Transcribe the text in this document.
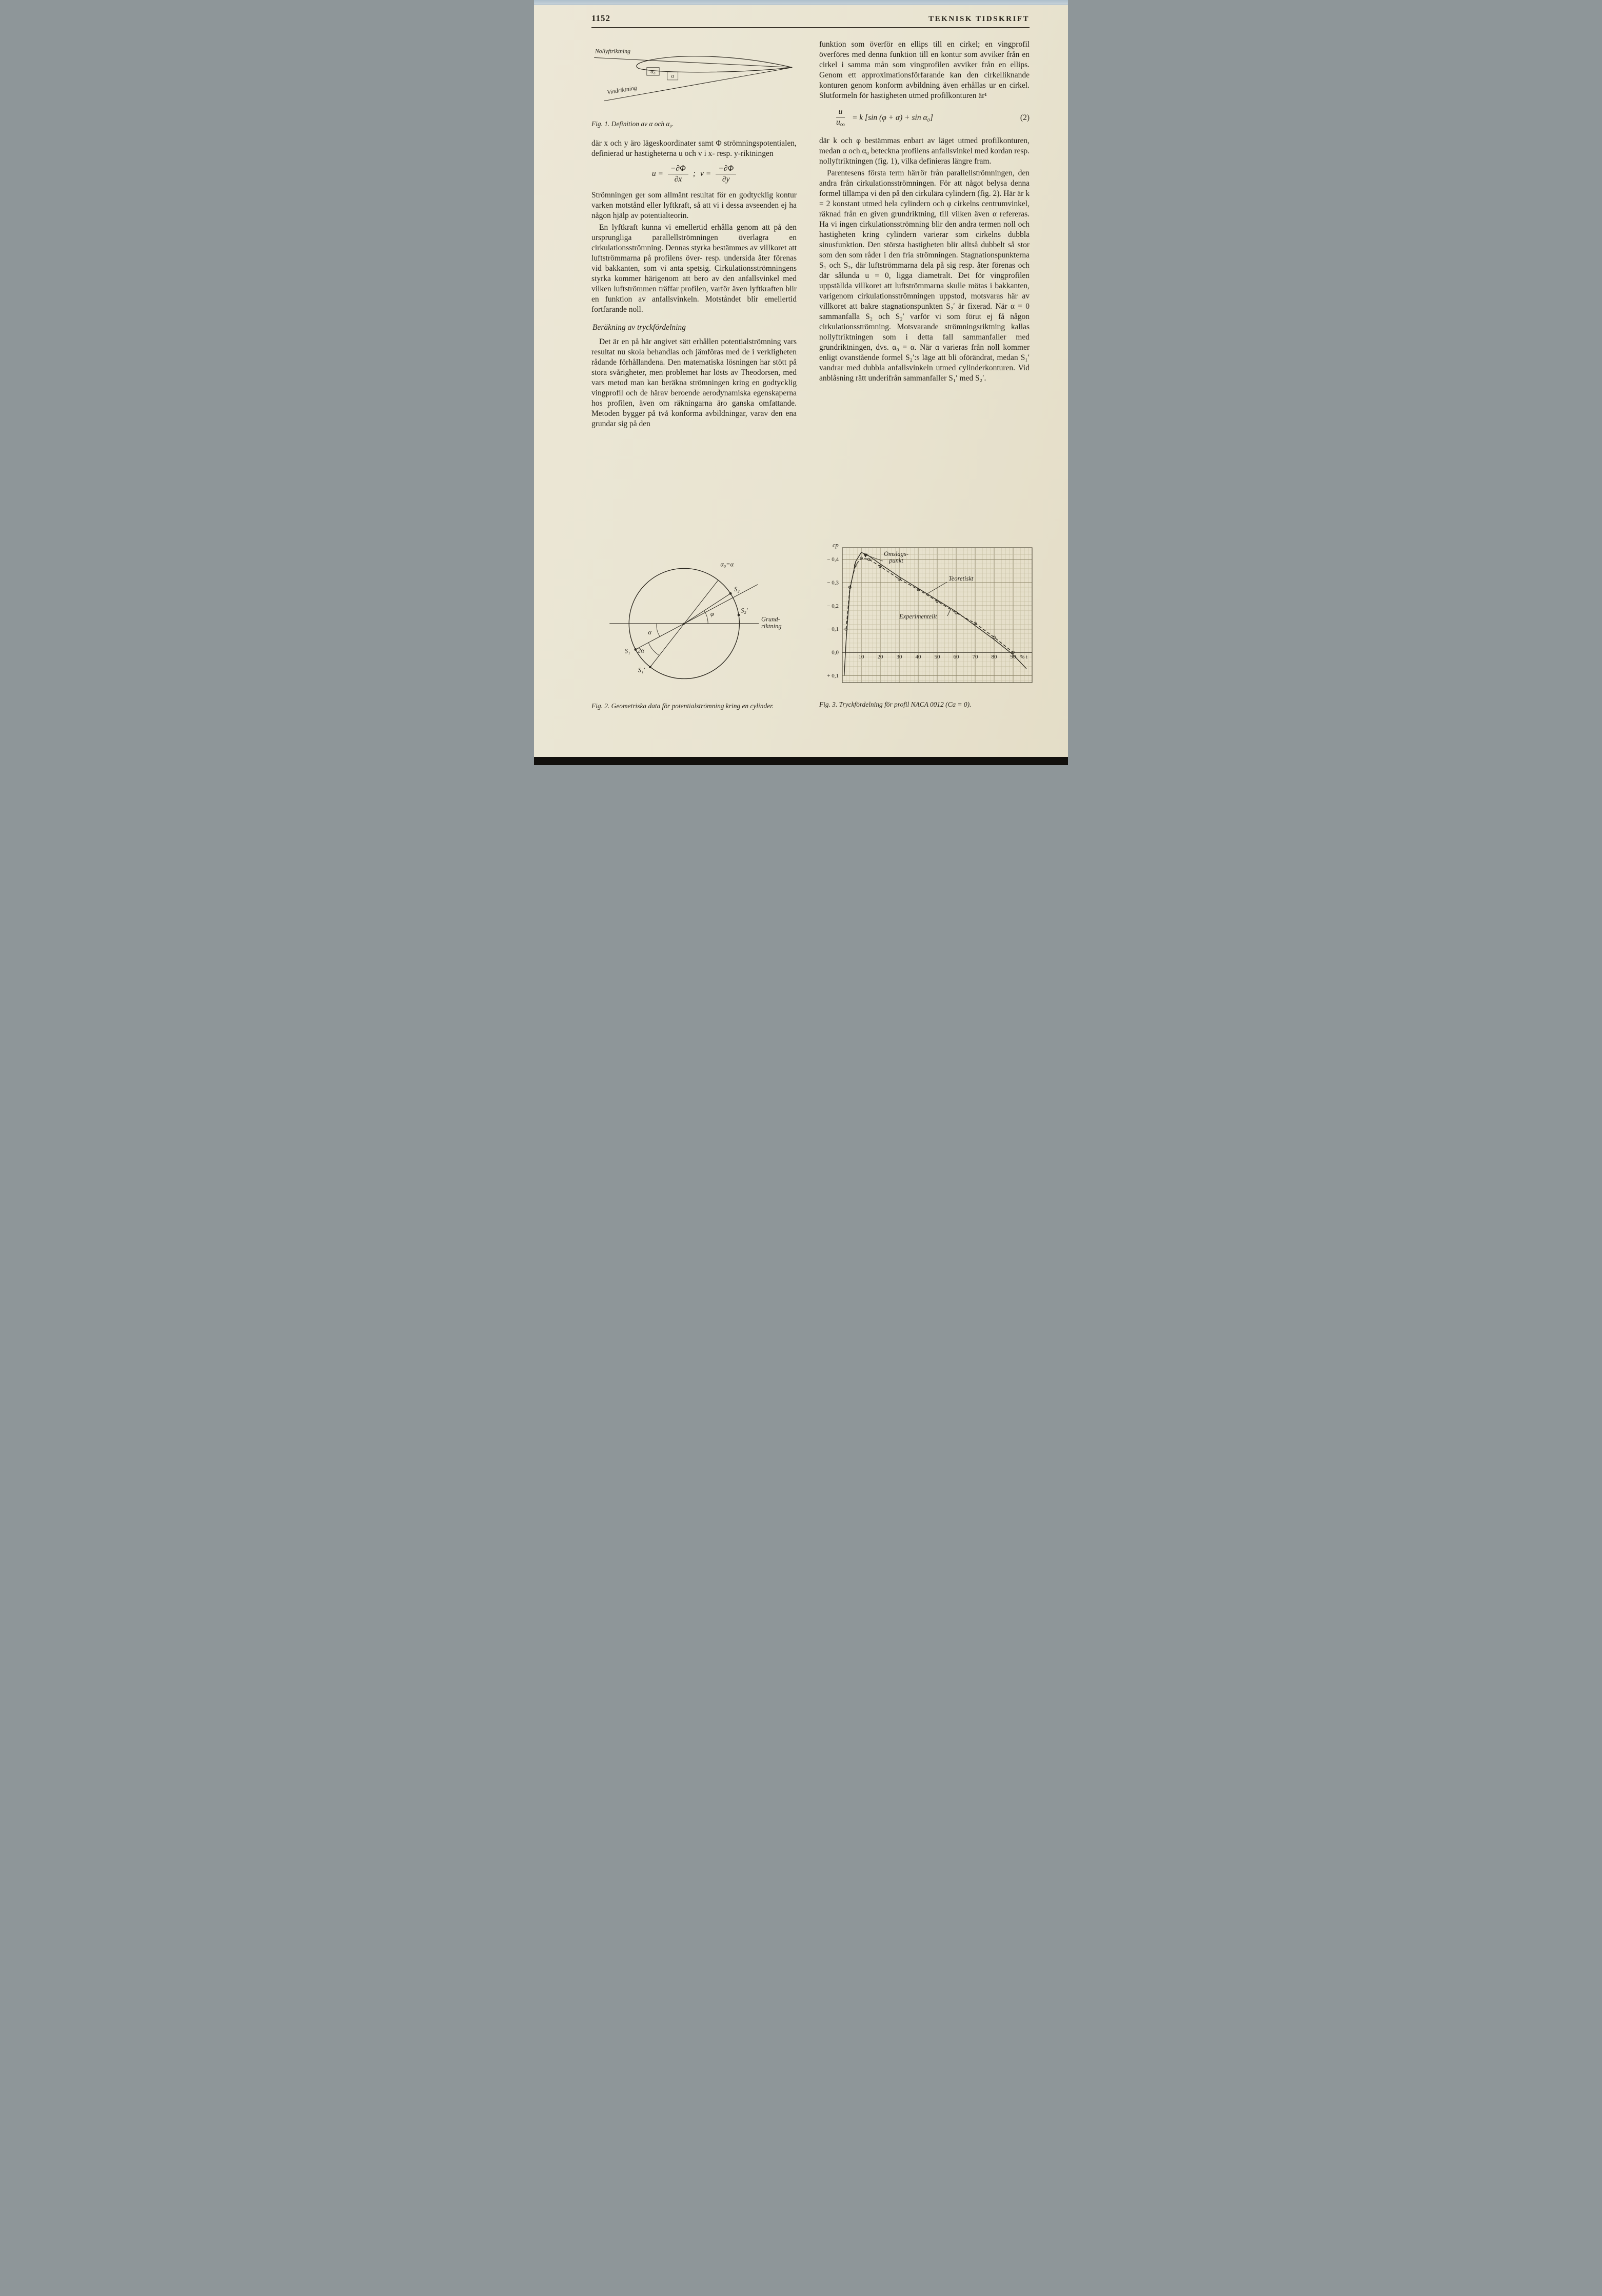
1152	TEKNISK TIDSKRIFT
α₀
α
Nollyftriktning
Vindriktning
Fig. 1. Definition av α och α₀.

där x och y äro lägeskoordinater samt Φ strömningspotentialen, definierad ur hastigheterna u och v i x- resp. y-riktningen

$u = \frac{-\partial\Phi}{\partial x}$ ; $v = \frac{-\partial\Phi}{\partial y}$

Strömningen ger som allmänt resultat för en godtycklig kontur varken motstånd eller lyftkraft, så att vi i dessa avseenden ej ha någon hjälp av potentialteorin.

En lyftkraft kunna vi emellertid erhålla genom att på den ursprungliga parallellströmningen överlagra en cirkulationsströmning. Dennas styrka bestämmes av villkoret att luftströmmarna på profilens över- resp. undersida åter förenas vid bakkanten, som vi anta spetsig. Cirkulationsströmningens styrka kommer härigenom att bero av den anfallsvinkel med vilken luftströmmen träffar profilen, varför även lyftkraften blir en funktion av anfallsvinkeln. Motståndet blir emellertid fortfarande noll.

Beräkning av tryckfördelning

Det är en på här angivet sätt erhållen potentialströmning vars resultat nu skola behandlas och jämföras med de i verkligheten rådande förhållandena. Den matematiska lösningen har stött på stora svårigheter, men problemet har lösts av Theodorsen, med vars metod man kan beräkna strömningen kring en godtycklig vingprofil och de härav beroende aerodynamiska egenskaperna hos profilen, även om räkningarna äro ganska omfattande. Metoden bygger på två konforma avbildningar, varav den ena grundar sig på den

funktion som överför en ellips till en cirkel; en vingprofil överföres med denna funktion till en kontur som avviker från en cirkel i samma mån som vingprofilen avviker från en ellips. Genom ett approximationsförfarande kan den cirkelliknande konturen genom konform avbildning även erhållas ur en cirkel. Slutformeln för hastigheten utmed profilkonturen är¹

$\frac{u}{u_\infty} = k$ [sin (φ + α) + sin α₀]	(2)

där k och φ bestämmas enbart av läget utmed profilkonturen, medan α och α₀ beteckna profilens anfallsvinkel med kordan resp. nollyftriktningen (fig. 1), vilka definieras längre fram.

Parentesens första term härrör från parallellströmningen, den andra från cirkulationsströmningen. För att något belysa denna formel tillämpa vi den på den cirkulära cylindern (fig. 2). Här är k = 2 konstant utmed hela cylindern och φ cirkelns centrumvinkel, räknad från en given grundriktning, till vilken även α refereras. Ha vi ingen cirkulationsströmning blir den andra termen noll och hastigheten kring cylindern varierar som cirkelns dubbla sinusfunktion. Den största hastigheten blir alltså dubbelt så stor som den som råder i den fria strömningen. Stagnationspunkterna S₁ och S₂, där luftströmmarna dela på sig resp. åter förenas och där sålunda u = 0, ligga diametralt. Det för vingprofilen uppställda villkoret att luftströmmarna skulle mötas i bakkanten, varigenom cirkulationsströmningen uppstod, motsvaras här av villkoret att bakre stagnationspunkten S₂′ är fixerad. När α = 0 sammanfalla S₂ och S₂′ varför vi som förut ej få någon cirkulationsströmning. Motsvarande strömningsriktning kallas nollyftriktningen som i detta fall sammanfaller med grundriktningen, dvs. α₀ = α. När α varieras från noll kommer enligt ovanstående formel S₂′:s läge att bli oförändrat, medan S₁′ vandrar med dubbla anfallsvinkeln utmed cylinderkonturen. Vid anblåsning rätt underifrån sammanfaller S₁′ med S₂′.

α₀=α
S₂
S₂′
Grund-
riktning
φ
α
2α
S₁
S₁′
Fig. 2. Geometriska data för potentialströmning kring en cylinder.
− 0,4
− 0,3
− 0,2
− 0,1
0,0
+ 0,1
cp
10 20 30 40 50 60 70 80 90 % t
Omslags-punkt
Teoretiskt
Experimentellt
Fig. 3. Tryckfördelning för profil NACA 0012 (Ca = 0).
